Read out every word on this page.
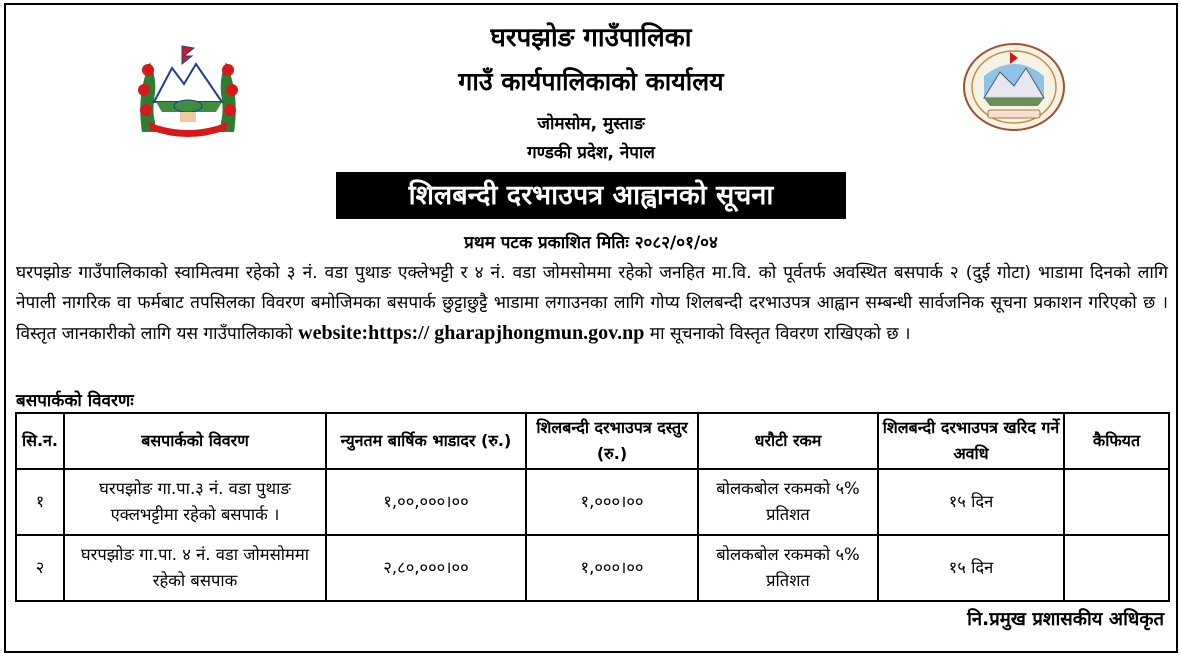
घरपझोङ गाउँपालिका
गाउँ कार्यपालिकाको कार्यालय
जोमसोम, मुस्ताङ
गण्डकी प्रदेश, नेपाल
शिलबन्दी दरभाउपत्र आह्वानको सूचना
प्रथम पटक प्रकाशित मितिः २०८२/०१/०४

घरपझोङ गाउँपालिकाको स्वामित्वमा रहेको ३ नं. वडा पुथाङ एक्लेभट्टी र ४ नं. वडा जोमसोममा रहेको जनहित मा.वि. को पूर्वतर्फ अवस्थित बसपार्क २ (दुई गोटा) भाडामा दिनको लागि नेपाली नागरिक वा फर्मबाट तपसिलका विवरण बमोजिमका बसपार्क छुट्टाछुट्टै भाडामा लगाउनका लागि गोप्य शिलबन्दी दरभाउपत्र आह्वान सम्बन्धी सार्वजनिक सूचना प्रकाशन गरिएको छ । विस्तृत जानकारीको लागि यस गाउँपालिकाको website:https:// gharapjhongmun.gov.np मा सूचनाको विस्तृत विवरण राखिएको छ ।

बसपार्कको विवरणः
सि.न.	बसपार्कको विवरण	न्युनतम बार्षिक भाडादर (रु.)	शिलबन्दी दरभाउपत्र दस्तुर (रु.)	धरौटी रकम	शिलबन्दी दरभाउपत्र खरिद गर्ने अवधि	कैफियत
१	घरपझोङ गा.पा.३ नं. वडा पुथाङ एक्लभट्टीमा रहेको बसपार्क ।	१,००,०००।००	१,०००।००	बोलकबोल रकमको ५% प्रतिशत	१५ दिन	
२	घरपझोङ गा.पा. ४ नं. वडा जोमसोममा रहेको बसपाक	२,८०,०००।००	१,०००।००	बोलकबोल रकमको ५% प्रतिशत	१५ दिन	
नि.प्रमुख प्रशासकीय अधिकृत
